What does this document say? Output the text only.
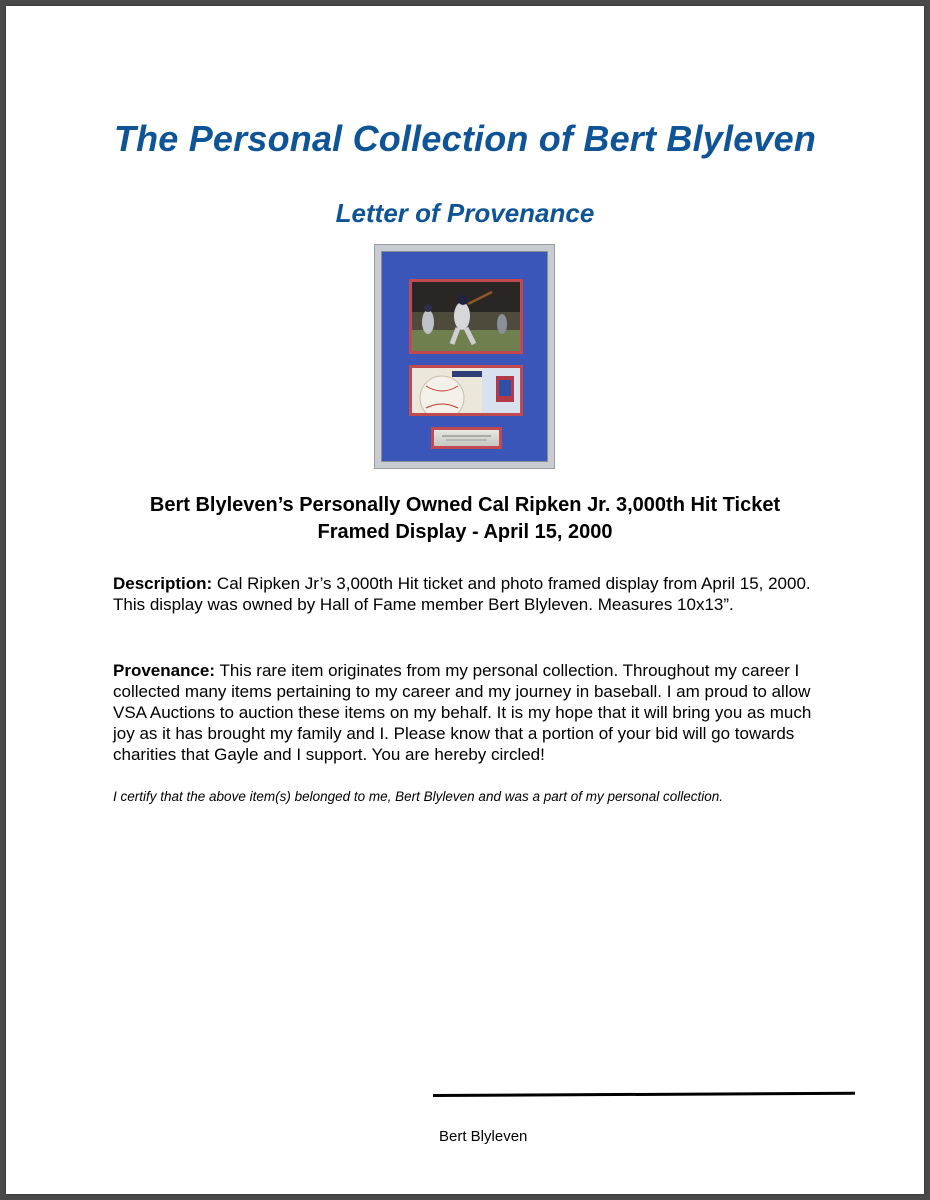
The Personal Collection of Bert Blyleven
Letter of Provenance
Bert Blyleven’s Personally Owned Cal Ripken Jr. 3,000th Hit Ticket
Framed Display - April 15, 2000
Description: Cal Ripken Jr’s 3,000th Hit ticket and photo framed display from April 15, 2000. This display was owned by Hall of Fame member Bert Blyleven. Measures 10x13”.
Provenance: This rare item originates from my personal collection. Throughout my career I collected many items pertaining to my career and my journey in baseball. I am proud to allow VSA Auctions to auction these items on my behalf. It is my hope that it will bring you as much joy as it has brought my family and I. Please know that a portion of your bid will go towards charities that Gayle and I support. You are hereby circled!
I certify that the above item(s) belonged to me, Bert Blyleven and was a part of my personal collection.
Bert Blyleven
